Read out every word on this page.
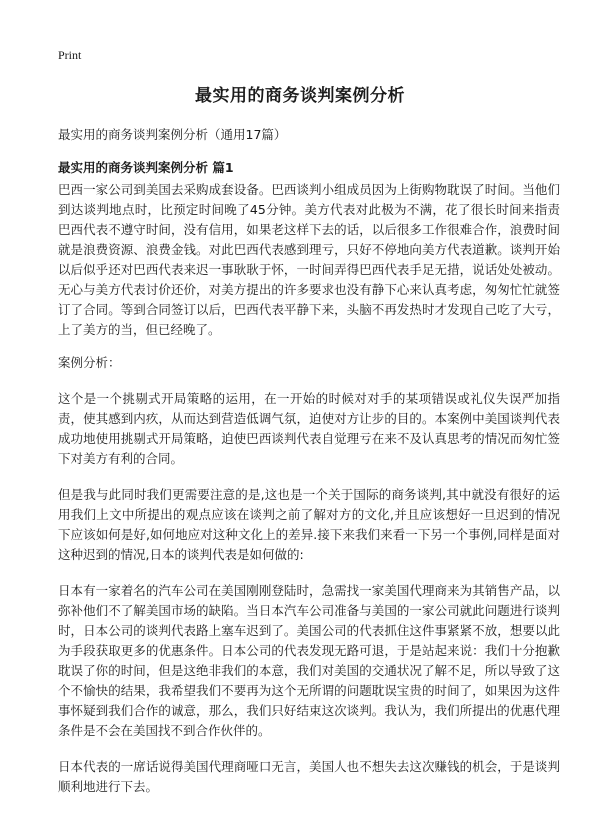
Print
最实用的商务谈判案例分析

最实用的商务谈判案例分析（通用17篇）

最实用的商务谈判案例分析 篇1

巴西一家公司到美国去采购成套设备。巴西谈判小组成员因为上街购物耽误了时间。当他们到达谈判地点时，比预定时间晚了45分钟。美方代表对此极为不满，花了很长时间来指责巴西代表不遵守时间，没有信用，如果老这样下去的话，以后很多工作很难合作，浪费时间就是浪费资源、浪费金钱。对此巴西代表感到理亏，只好不停地向美方代表道歉。谈判开始以后似乎还对巴西代表来迟一事耿耿于怀，一时间弄得巴西代表手足无措，说话处处被动。无心与美方代表讨价还价，对美方提出的许多要求也没有静下心来认真考虑，匆匆忙忙就签订了合同。等到合同签订以后，巴西代表平静下来，头脑不再发热时才发现自己吃了大亏，上了美方的当，但已经晚了。

案例分析：

这个是一个挑剔式开局策略的运用，在一开始的时候对对手的某项错误或礼仪失误严加指责，使其感到内疚，从而达到营造低调气氛，迫使对方让步的目的。本案例中美国谈判代表成功地使用挑剔式开局策略，迫使巴西谈判代表自觉理亏在来不及认真思考的情况而匆忙签下对美方有利的合同。

但是我与此同时我们更需要注意的是,这也是一个关于国际的商务谈判,其中就没有很好的运用我们上文中所提出的观点应该在谈判之前了解对方的文化,并且应该想好一旦迟到的情况下应该如何是好,如何地应对这种文化上的差异.接下来我们来看一下另一个事例,同样是面对这种迟到的情况,日本的谈判代表是如何做的:

日本有一家着名的汽车公司在美国刚刚登陆时，急需找一家美国代理商来为其销售产品，以弥补他们不了解美国市场的缺陷。当日本汽车公司准备与美国的一家公司就此问题进行谈判时，日本公司的谈判代表路上塞车迟到了。美国公司的代表抓住这件事紧紧不放，想要以此为手段获取更多的优惠条件。日本公司的代表发现无路可退，于是站起来说：我们十分抱歉耽误了你的时间，但是这绝非我们的本意，我们对美国的交通状况了解不足，所以导致了这个不愉快的结果，我希望我们不要再为这个无所谓的问题耽误宝贵的时间了，如果因为这件事怀疑到我们合作的诚意，那么，我们只好结束这次谈判。我认为，我们所提出的优惠代理条件是不会在美国找不到合作伙伴的。

日本代表的一席话说得美国代理商哑口无言，美国人也不想失去这次赚钱的机会，于是谈判顺利地进行下去。
